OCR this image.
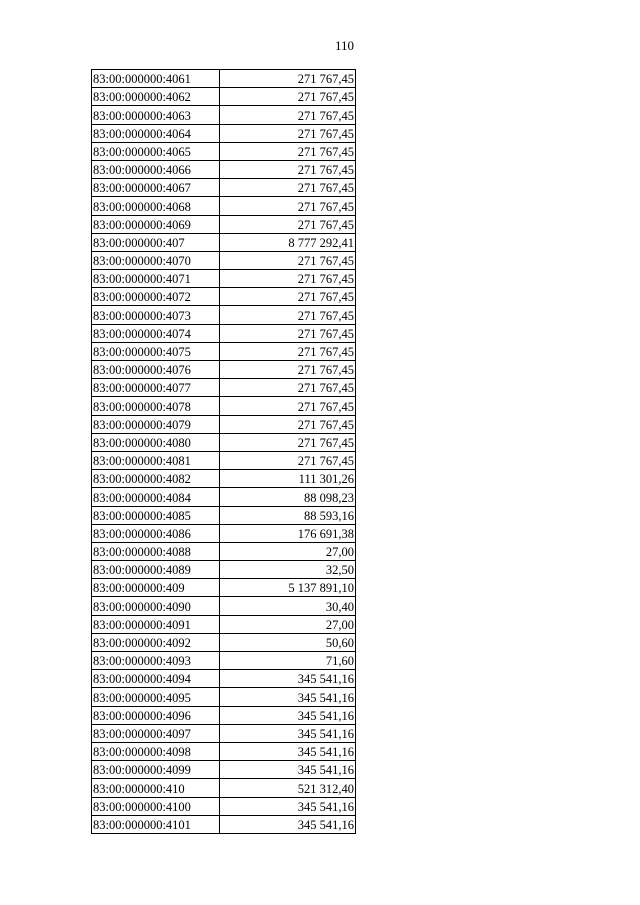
110
83:00:000000:4061	271 767,45
83:00:000000:4062	271 767,45
83:00:000000:4063	271 767,45
83:00:000000:4064	271 767,45
83:00:000000:4065	271 767,45
83:00:000000:4066	271 767,45
83:00:000000:4067	271 767,45
83:00:000000:4068	271 767,45
83:00:000000:4069	271 767,45
83:00:000000:407	8 777 292,41
83:00:000000:4070	271 767,45
83:00:000000:4071	271 767,45
83:00:000000:4072	271 767,45
83:00:000000:4073	271 767,45
83:00:000000:4074	271 767,45
83:00:000000:4075	271 767,45
83:00:000000:4076	271 767,45
83:00:000000:4077	271 767,45
83:00:000000:4078	271 767,45
83:00:000000:4079	271 767,45
83:00:000000:4080	271 767,45
83:00:000000:4081	271 767,45
83:00:000000:4082	111 301,26
83:00:000000:4084	88 098,23
83:00:000000:4085	88 593,16
83:00:000000:4086	176 691,38
83:00:000000:4088	27,00
83:00:000000:4089	32,50
83:00:000000:409	5 137 891,10
83:00:000000:4090	30,40
83:00:000000:4091	27,00
83:00:000000:4092	50,60
83:00:000000:4093	71,60
83:00:000000:4094	345 541,16
83:00:000000:4095	345 541,16
83:00:000000:4096	345 541,16
83:00:000000:4097	345 541,16
83:00:000000:4098	345 541,16
83:00:000000:4099	345 541,16
83:00:000000:410	521 312,40
83:00:000000:4100	345 541,16
83:00:000000:4101	345 541,16
